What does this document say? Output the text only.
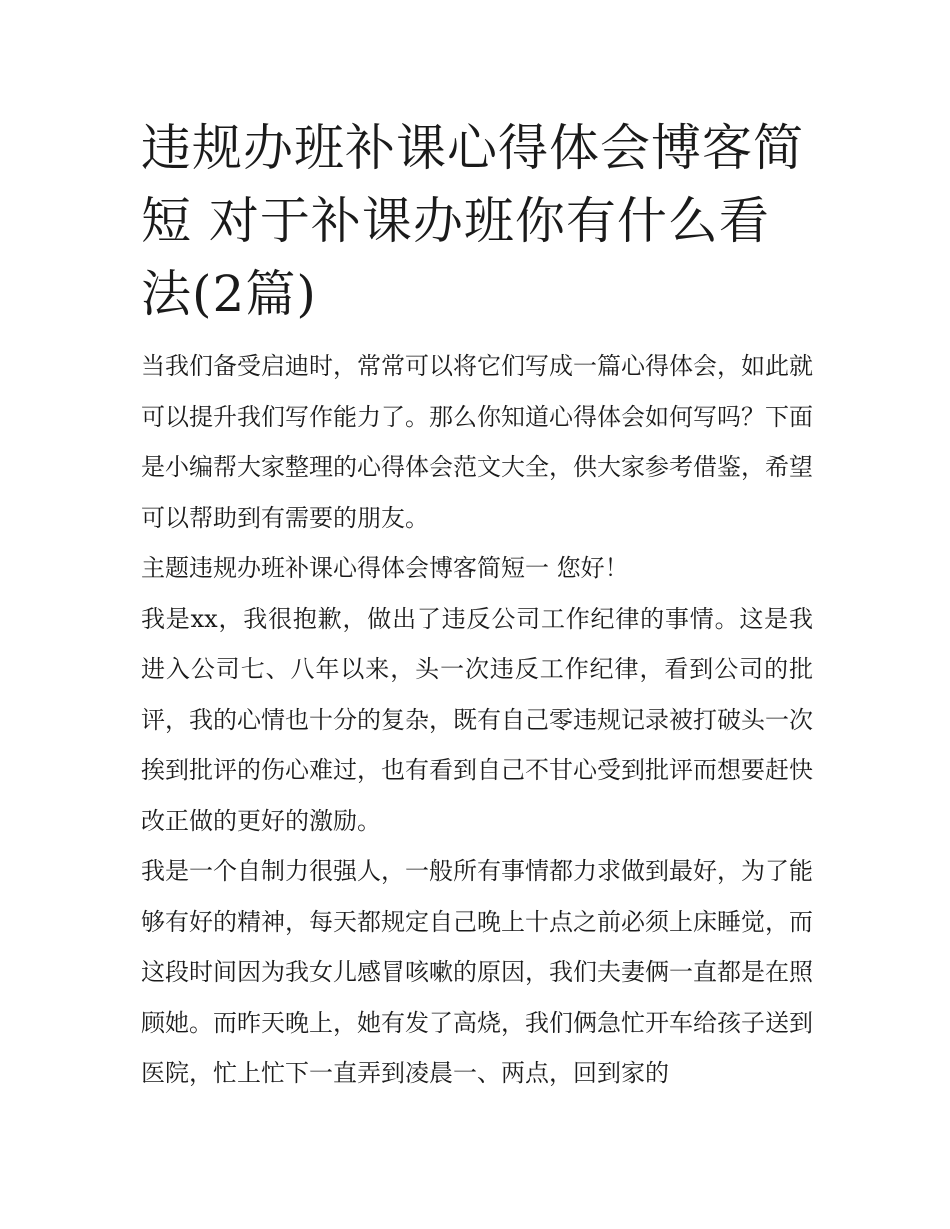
违规办班补课心得体会博客简短 对于补课办班你有什么看法(2篇)

当我们备受启迪时，常常可以将它们写成一篇心得体会，如此就可以提升我们写作能力了。那么你知道心得体会如何写吗？下面是小编帮大家整理的心得体会范文大全，供大家参考借鉴，希望可以帮助到有需要的朋友。

主题违规办班补课心得体会博客简短一 您好！

我是xx，我很抱歉，做出了违反公司工作纪律的事情。这是我进入公司七、八年以来，头一次违反工作纪律，看到公司的批评，我的心情也十分的复杂，既有自己零违规记录被打破头一次挨到批评的伤心难过，也有看到自己不甘心受到批评而想要赶快改正做的更好的激励。

我是一个自制力很强人，一般所有事情都力求做到最好，为了能够有好的精神，每天都规定自己晚上十点之前必须上床睡觉，而这段时间因为我女儿感冒咳嗽的原因，我们夫妻俩一直都是在照顾她。而昨天晚上，她有发了高烧，我们俩急忙开车给孩子送到医院，忙上忙下一直弄到凌晨一、两点，回到家的
